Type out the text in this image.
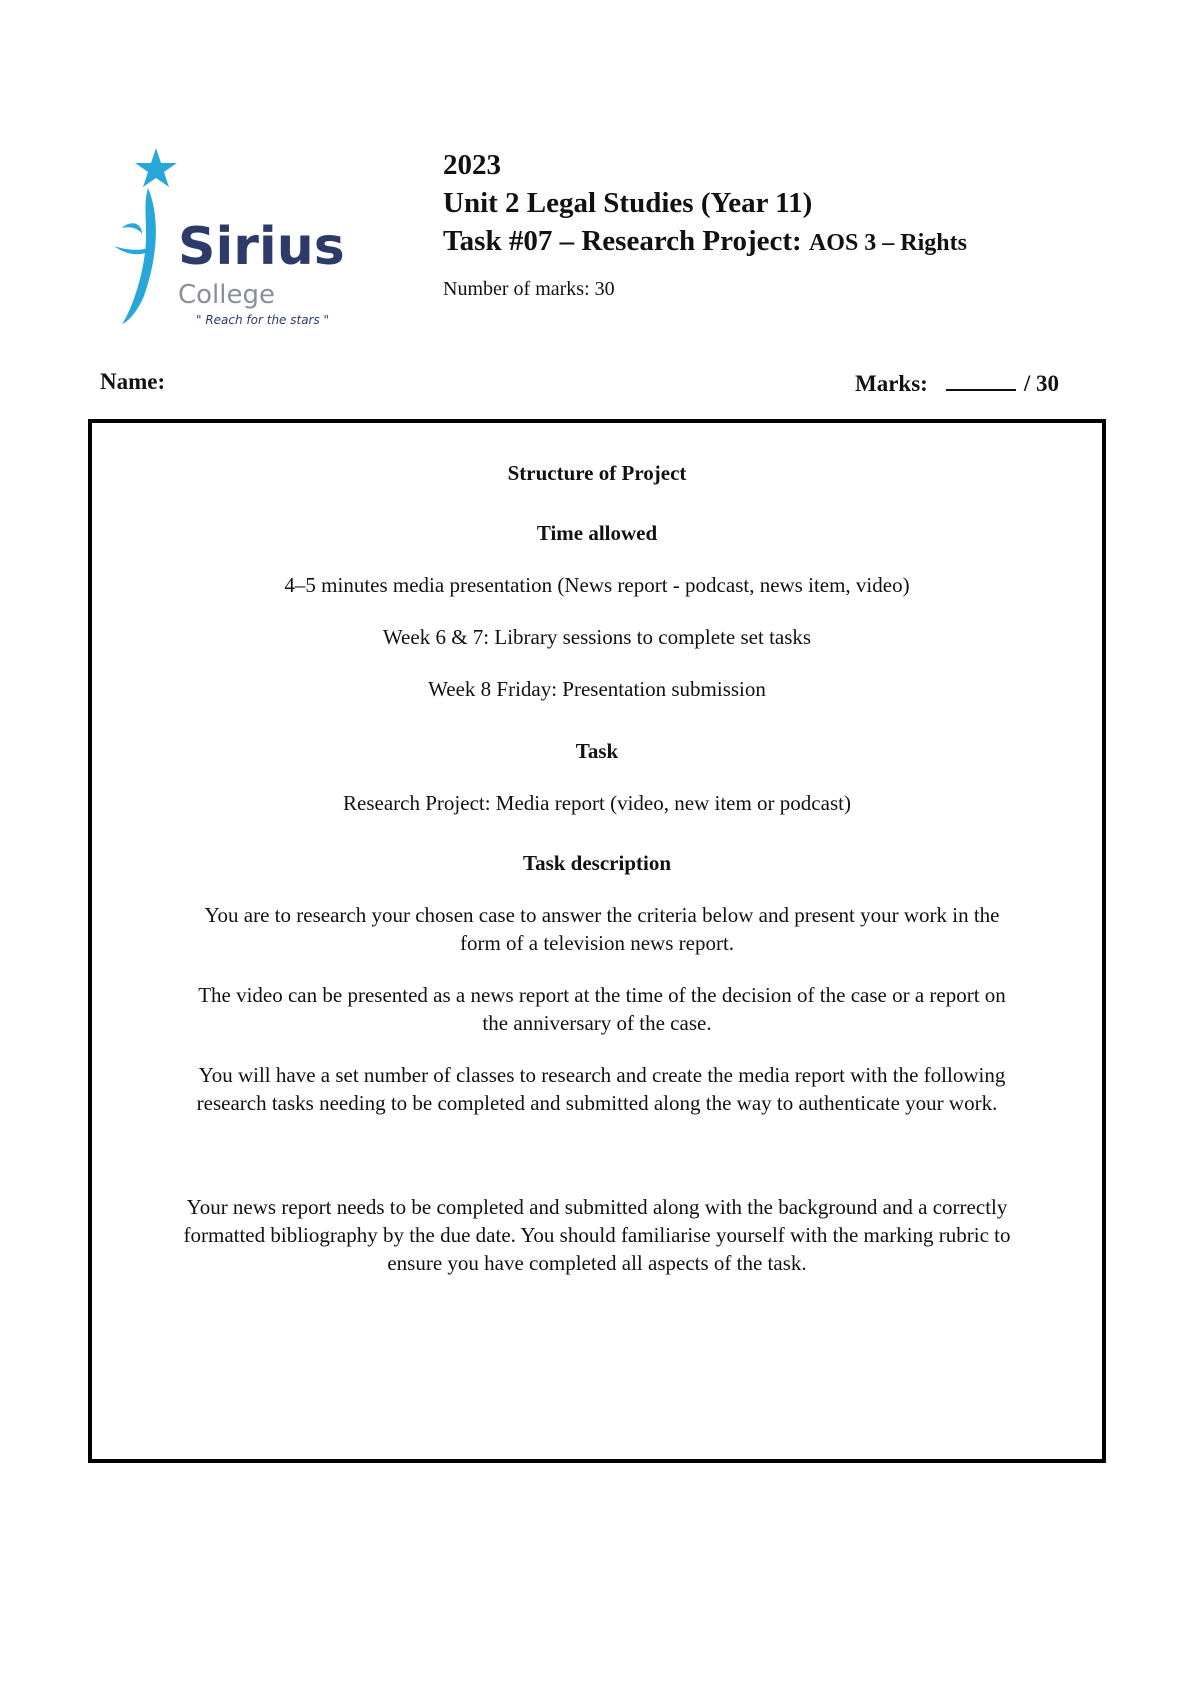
Sirius
College
" Reach for the stars "
2023
Unit 2 Legal Studies (Year 11)
Task #07 – Research Project: AOS 3 – Rights
Number of marks: 30
Name:	Marks:	/ 30
Structure of Project
Time allowed
4–5 minutes media presentation (News report - podcast, news item, video)
Week 6 & 7: Library sessions to complete set tasks
Week 8 Friday: Presentation submission
Task
Research Project: Media report (video, new item or podcast)
Task description
You are to research your chosen case to answer the criteria below and present your work in the
form of a television news report.
The video can be presented as a news report at the time of the decision of the case or a report on
the anniversary of the case.
You will have a set number of classes to research and create the media report with the following
research tasks needing to be completed and submitted along the way to authenticate your work.
Your news report needs to be completed and submitted along with the background and a correctly
formatted bibliography by the due date. You should familiarise yourself with the marking rubric to
ensure you have completed all aspects of the task.
